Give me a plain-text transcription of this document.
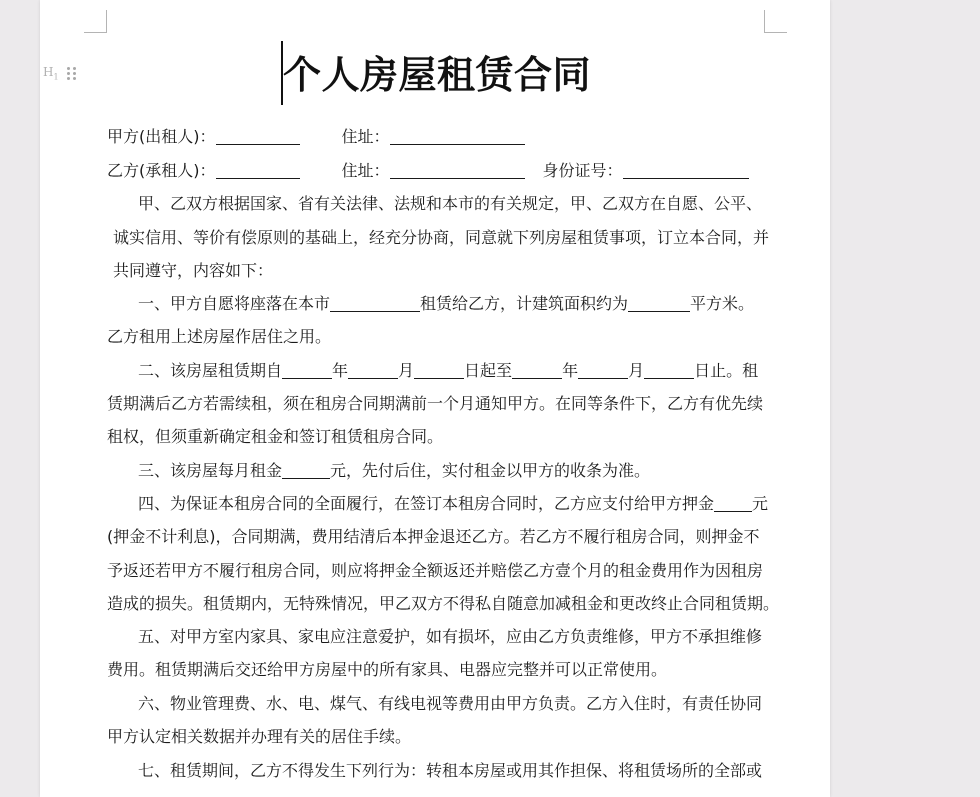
$H_1$	个人房屋租赁合同
甲方(出租人)：	住址：
乙方(承租人)：	住址：	身份证号：
甲、乙双方根据国家、省有关法律、法规和本市的有关规定，甲、乙双方在自愿、公平、
诚实信用、等价有偿原则的基础上，经充分协商，同意就下列房屋租赁事项，订立本合同，并
共同遵守，内容如下：
一、甲方自愿将座落在本市	租赁给乙方，计建筑面积约为	平方米。
乙方租用上述房屋作居住之用。
二、该房屋租赁期自	年	月	日起至	年	月	日止。租
赁期满后乙方若需续租，须在租房合同期满前一个月通知甲方。在同等条件下，乙方有优先续
租权，但须重新确定租金和签订租赁租房合同。
三、该房屋每月租金	元，先付后住，实付租金以甲方的收条为准。
四、为保证本租房合同的全面履行，在签订本租房合同时，乙方应支付给甲方押金 元
(押金不计利息)，合同期满，费用结清后本押金退还乙方。若乙方不履行租房合同，则押金不
予返还若甲方不履行租房合同，则应将押金全额返还并赔偿乙方壹个月的租金费用作为因租房
造成的损失。租赁期内，无特殊情况，甲乙双方不得私自随意加减租金和更改终止合同租赁期。
五、对甲方室内家具、家电应注意爱护，如有损坏，应由乙方负责维修，甲方不承担维修
费用。租赁期满后交还给甲方房屋中的所有家具、电器应完整并可以正常使用。
六、物业管理费、水、电、煤气、有线电视等费用由甲方负责。乙方入住时，有责任协同
甲方认定相关数据并办理有关的居住手续。
七、租赁期间，乙方不得发生下列行为：转租本房屋或用其作担保、将租赁场所的全部或
